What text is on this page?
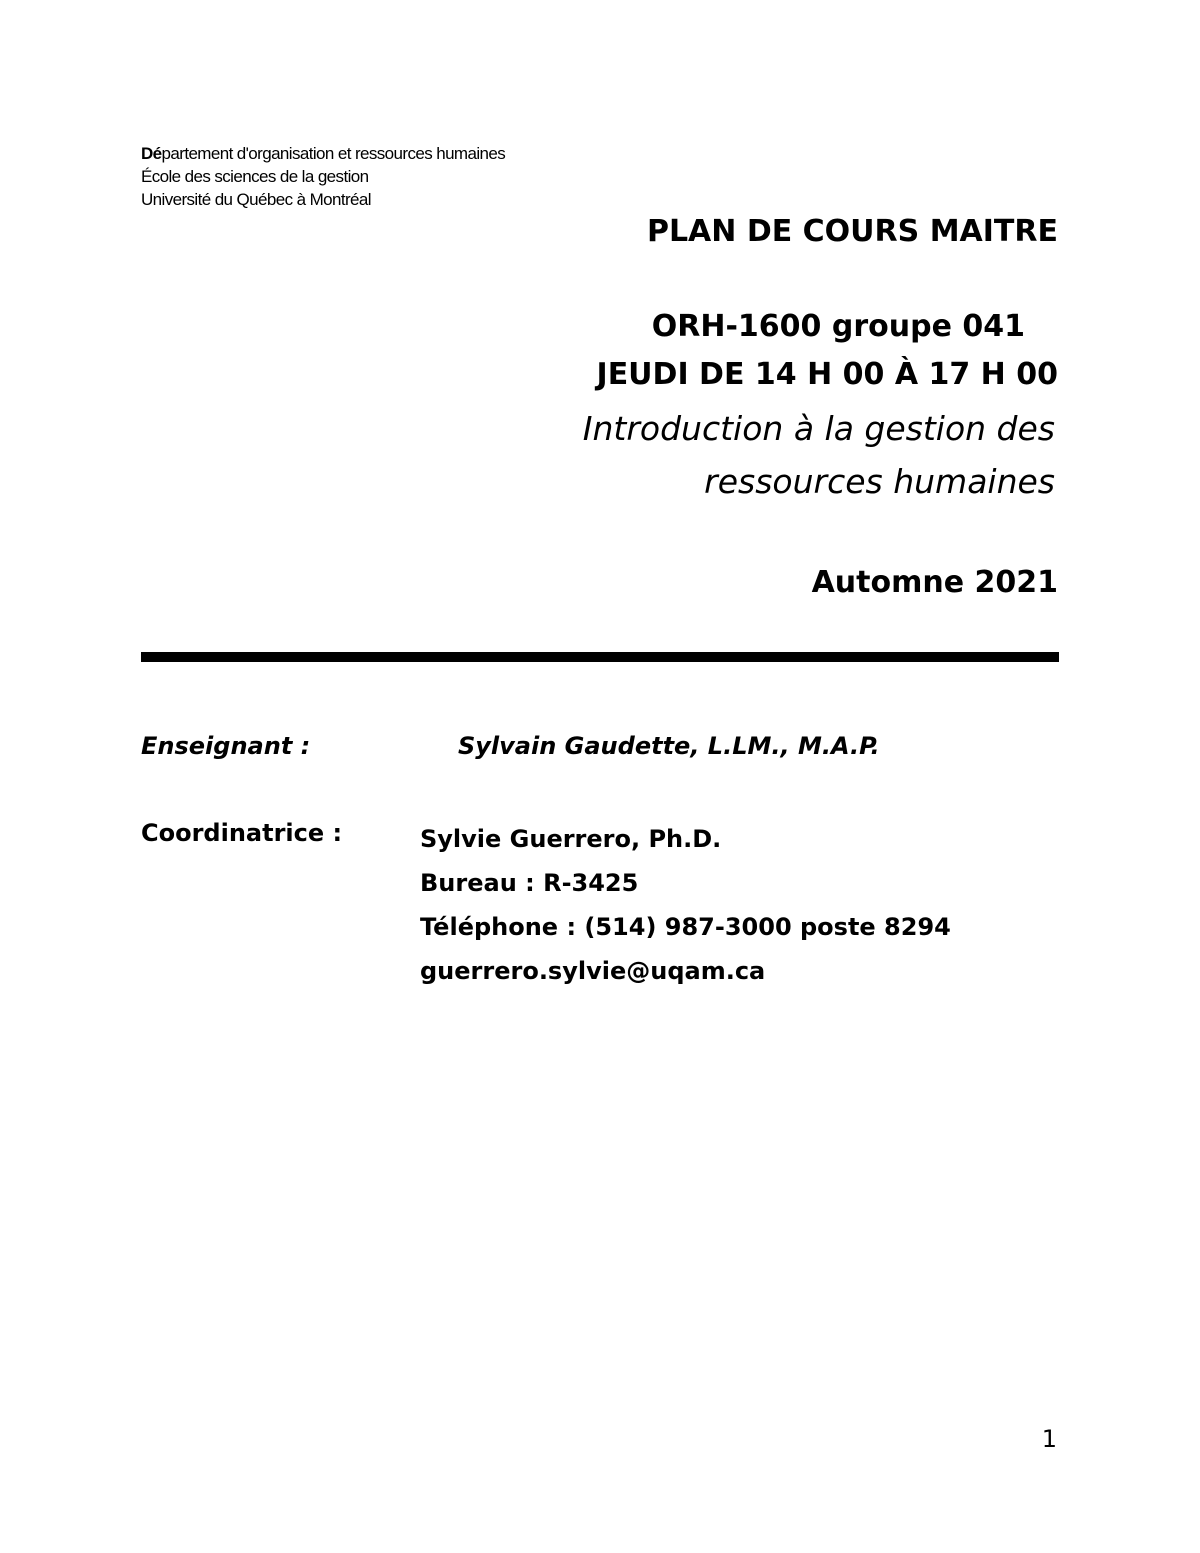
Département d'organisation et ressources humaines
École des sciences de la gestion
Université du Québec à Montréal
PLAN DE COURS MAITRE
ORH-1600 groupe 041
JEUDI DE 14 H 00 À 17 H 00
Introduction à la gestion des
ressources humaines
Automne 2021
Enseignant :	Sylvain Gaudette, L.LM., M.A.P.
Coordinatrice :	Sylvie Guerrero, Ph.D.
Bureau : R-3425
Téléphone : (514) 987-3000 poste 8294
guerrero.sylvie@uqam.ca
1
